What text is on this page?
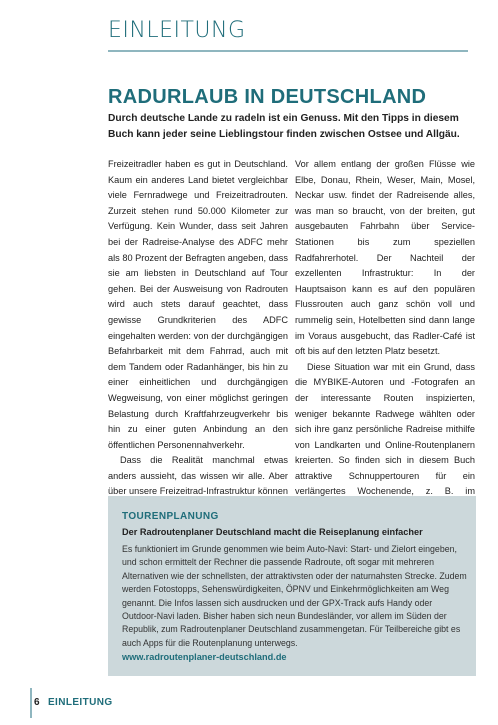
EINLEITUNG
RADURLAUB IN DEUTSCHLAND

Durch deutsche Lande zu radeln ist ein Genuss. Mit den Tipps in diesem Buch kann jeder seine Lieblingstour finden zwischen Ostsee und Allgäu.

Freizeitradler haben es gut in Deutschland. Kaum ein anderes Land bietet vergleichbar viele Fernradwege und Freizeitradrouten. Zurzeit stehen rund 50.000 Kilometer zur Verfügung. Kein Wunder, dass seit Jahren bei der Radreise-Analyse des ADFC mehr als 80 Prozent der Befragten angeben, dass sie am liebsten in Deutschland auf Tour gehen. Bei der Ausweisung von Radrouten wird auch stets darauf geachtet, dass gewisse Grundkriterien des ADFC eingehalten werden: von der durchgängigen Befahrbarkeit mit dem Fahrrad, auch mit dem Tandem oder Radanhänger, bis hin zu einer einheitlichen und durchgängigen Wegweisung, von einer möglichst geringen Belastung durch Kraftfahrzeugverkehr bis hin zu einer guten Anbindung an den öffentlichen Personennahverkehr.

Dass die Realität manchmal etwas anders aussieht, das wissen wir alle. Aber über unsere Freizeitrad-Infrastruktur können

Vor allem entlang der großen Flüsse wie Elbe, Donau, Rhein, Weser, Main, Mosel, Neckar usw. findet der Radreisende alles, was man so braucht, von der breiten, gut ausgebauten Fahrbahn über Service-Stationen bis zum speziellen Radfahrerhotel. Der Nachteil der exzellenten Infrastruktur: In der Hauptsaison kann es auf den populären Flussrouten auch ganz schön voll und rummelig sein, Hotelbetten sind dann lange im Voraus ausgebucht, das Radler-Café ist oft bis auf den letzten Platz besetzt.

Diese Situation war mit ein Grund, dass die MYBIKE-Autoren und -Fotografen an der interessante Routen inspizierten, weniger bekannte Radwege wählten oder sich ihre ganz persönliche Radreise mithilfe von Landkarten und Online-Routenplanern kreierten. So finden sich in diesem Buch attraktive Schnuppertouren für ein verlängertes Wochenende, z. B. im

TOURENPLANUNG
Der Radroutenplaner Deutschland macht die Reiseplanung einfacher

Es funktioniert im Grunde genommen wie beim Auto-Navi: Start- und Zielort eingeben, und schon ermittelt der Rechner die passende Radroute, oft sogar mit mehreren Alternativen wie der schnellsten, der attraktivsten oder der naturnahsten Strecke. Zudem werden Fotostopps, Sehenswürdigkeiten, ÖPNV und Einkehrmöglichkeiten am Weg genannt. Die Infos lassen sich ausdrucken und der GPX-Track aufs Handy oder Outdoor-Navi laden. Bisher haben sich neun Bundesländer, vor allem im Süden der Republik, zum Radroutenplaner Deutschland zusammengetan. Für Teilbereiche gibt es auch Apps für die Routenplanung unterwegs.

www.radroutenplaner-deutschland.de
6 EINLEITUNG
